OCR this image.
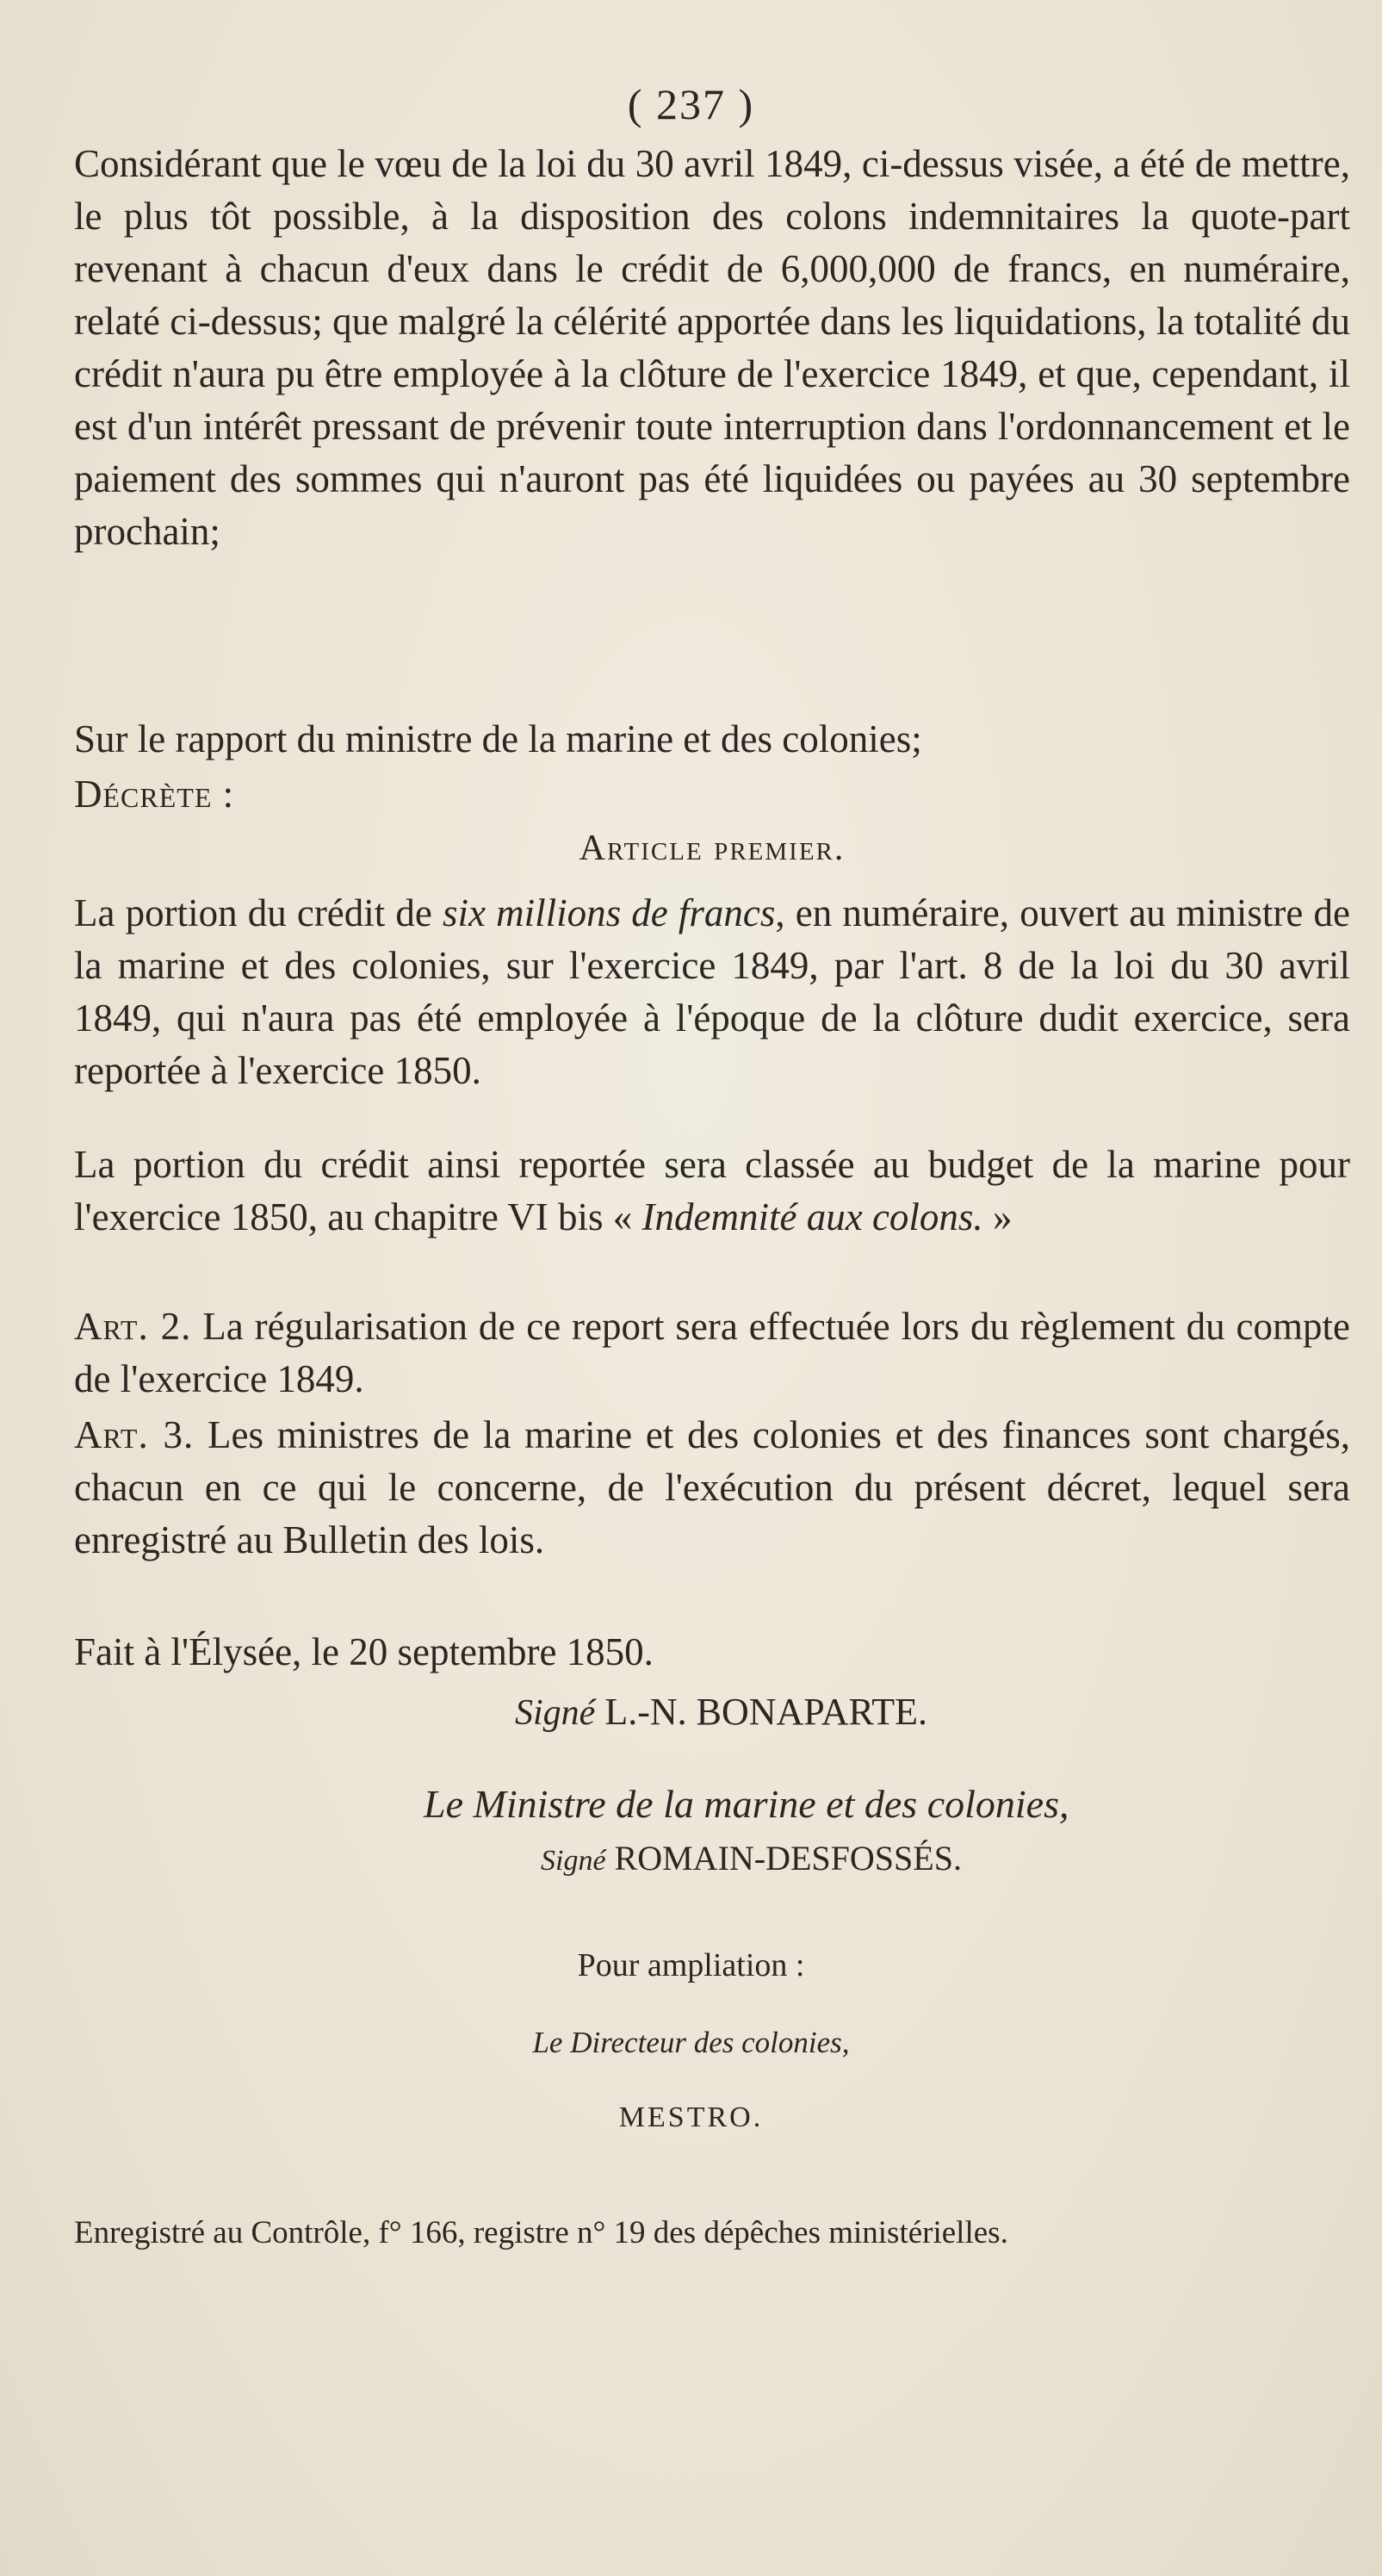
( 237 )

Considérant que le vœu de la loi du 30 avril 1849, ci-dessus visée, a été de mettre, le plus tôt possible, à la disposition des colons indemnitaires la quote-part revenant à chacun d'eux dans le crédit de 6,000,000 de francs, en numéraire, relaté ci-dessus; que malgré la célérité apportée dans les liquidations, la totalité du crédit n'aura pu être employée à la clôture de l'exercice 1849, et que, cependant, il est d'un intérêt pressant de prévenir toute interruption dans l'ordonnancement et le paiement des sommes qui n'auront pas été liquidées ou payées au 30 septembre prochain;

Sur le rapport du ministre de la marine et des colonies;

Décrète :

Article premier.

La portion du crédit de six millions de francs, en numéraire, ouvert au ministre de la marine et des colonies, sur l'exercice 1849, par l'art. 8 de la loi du 30 avril 1849, qui n'aura pas été employée à l'époque de la clôture dudit exercice, sera reportée à l'exercice 1850.

La portion du crédit ainsi reportée sera classée au budget de la marine pour l'exercice 1850, au chapitre VI bis « Indemnité aux colons. »

Art. 2. La régularisation de ce report sera effectuée lors du règlement du compte de l'exercice 1849.

Art. 3. Les ministres de la marine et des colonies et des finances sont chargés, chacun en ce qui le concerne, de l'exécution du présent décret, lequel sera enregistré au Bulletin des lois.

Fait à l'Élysée, le 20 septembre 1850.

Signé L.-N. BONAPARTE.

Le Ministre de la marine et des colonies,

Signé ROMAIN-DESFOSSÉS.

Pour ampliation :

Le Directeur des colonies,

MESTRO.

Enregistré au Contrôle, f° 166, registre n° 19 des dépêches ministérielles.
